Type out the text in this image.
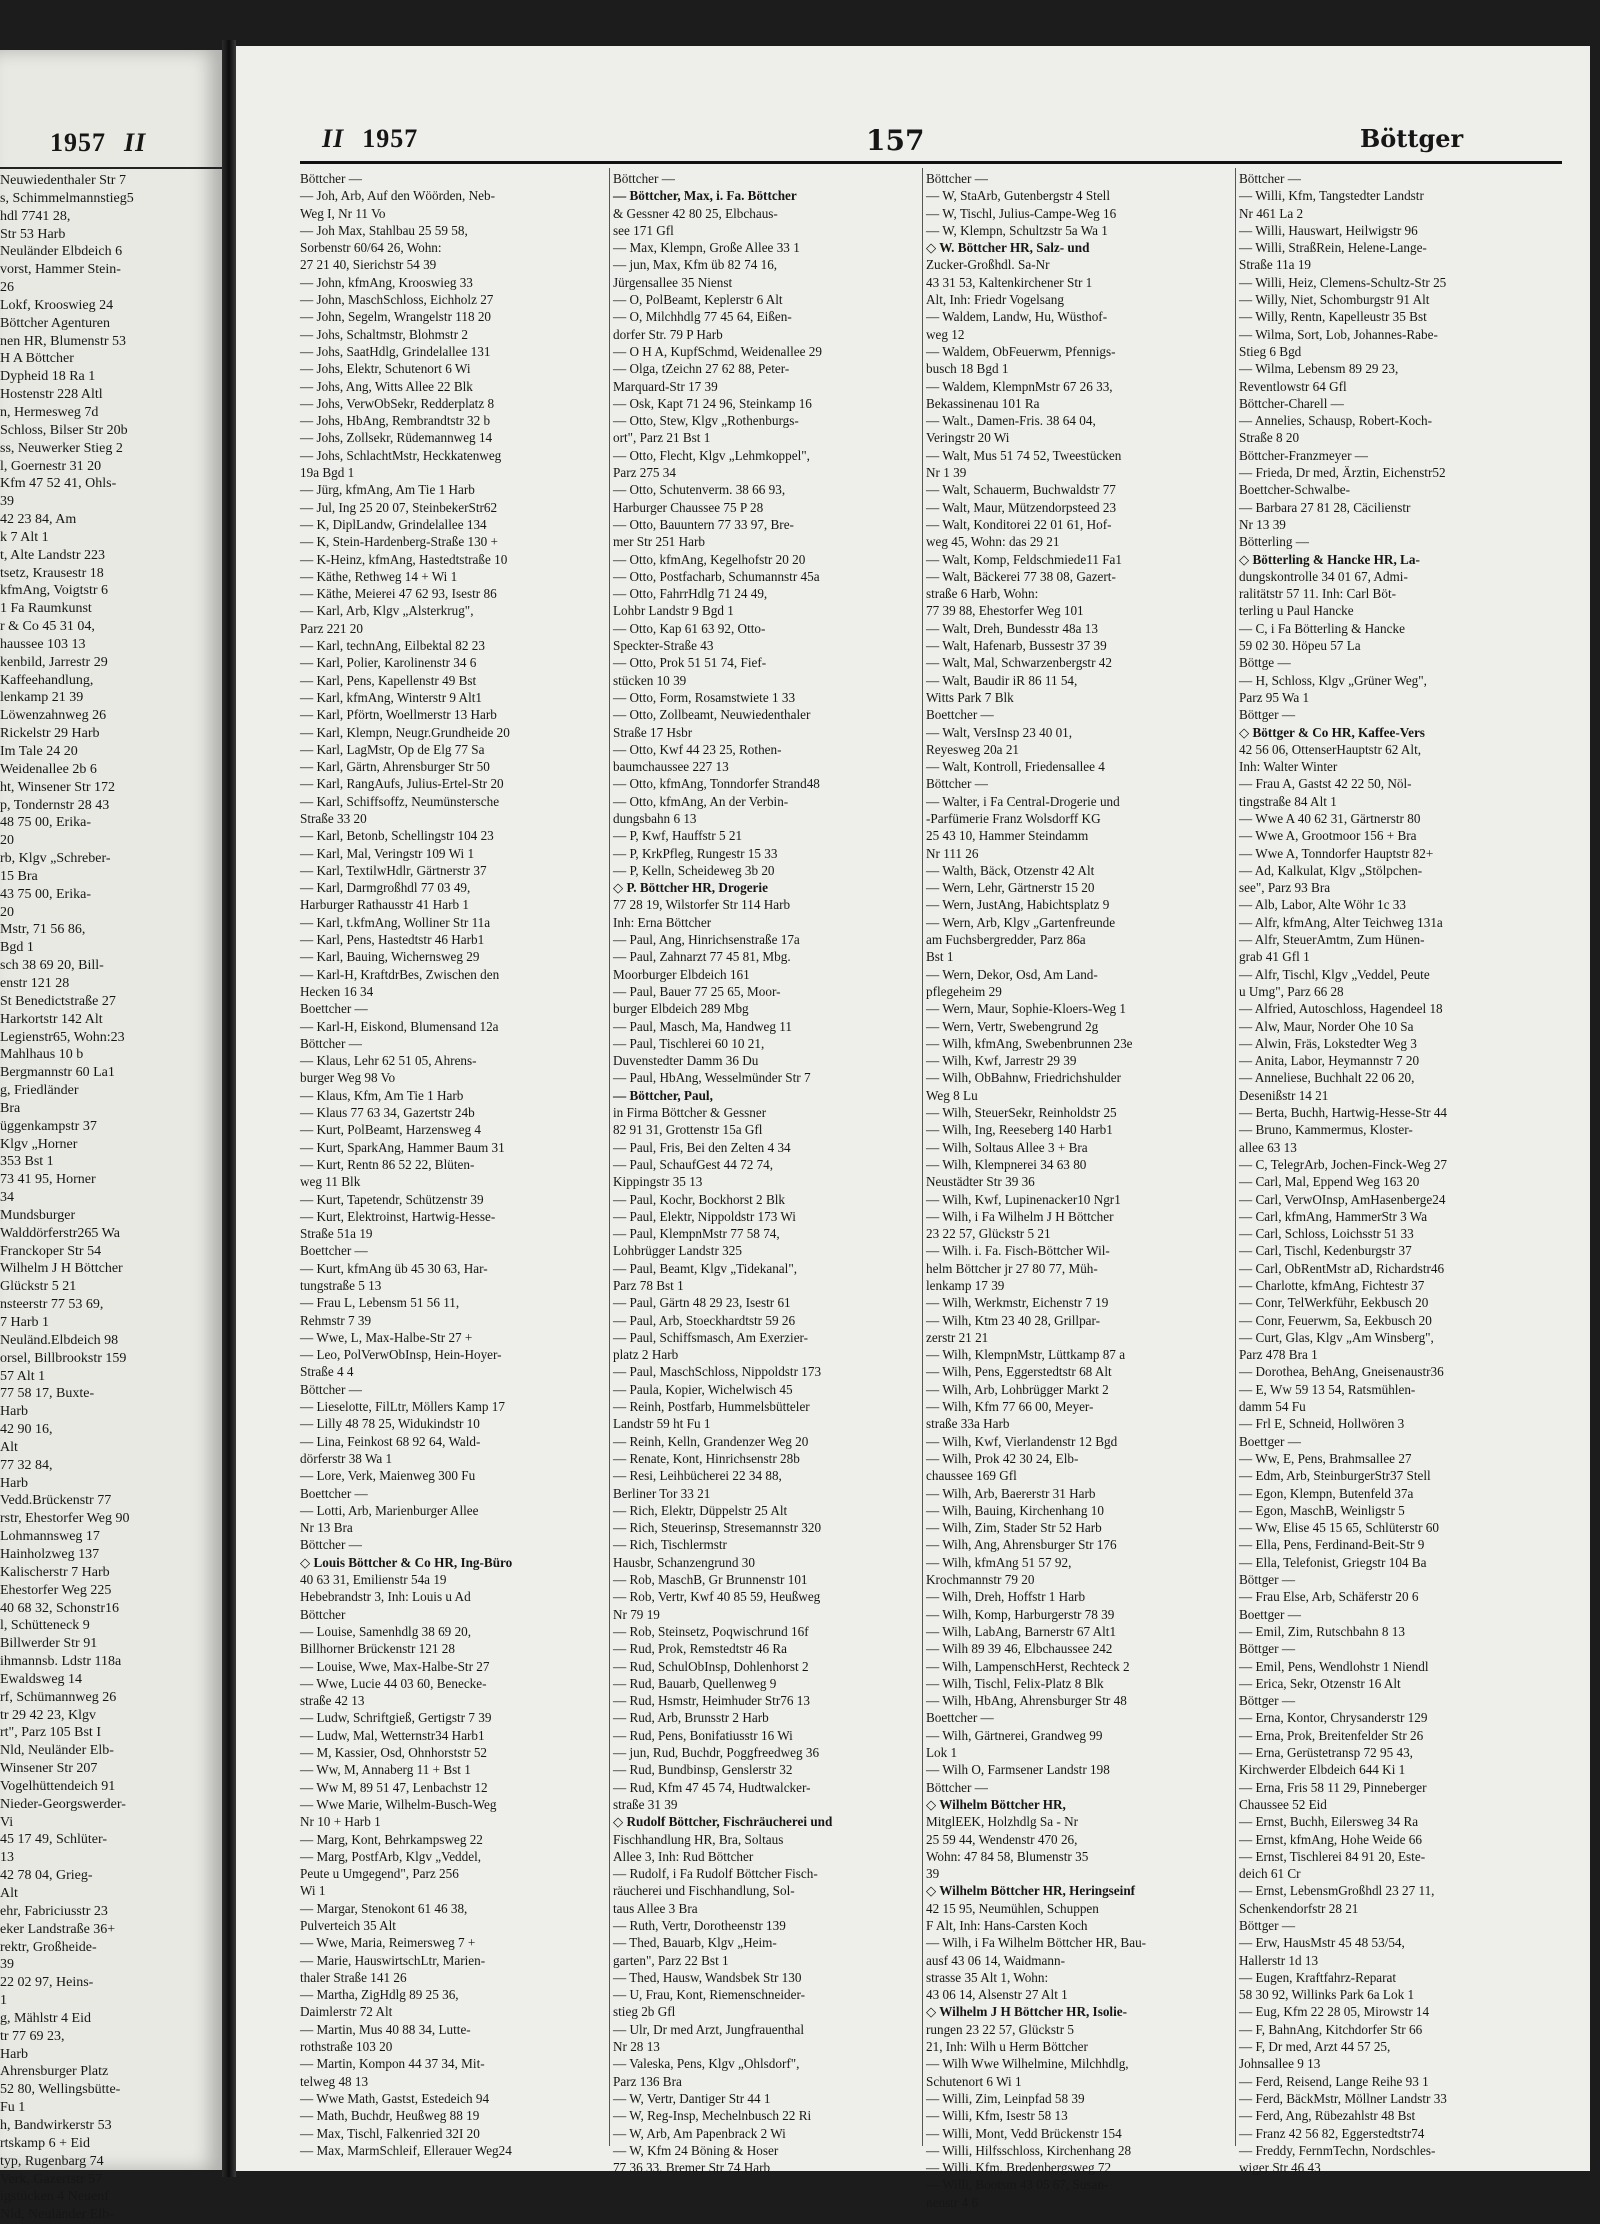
1957 II
Neuwiedenthaler Str 7
s, Schimmelmannstieg5
hdl 7741 28,
Str 53 Harb
Neuländer Elbdeich 6
vorst, Hammer Stein-
26
Lokf, Krooswieg 24
Böttcher Agenturen
nen HR, Blumenstr 53
H A Böttcher
Dypheid 18 Ra 1
Hostenstr 228 Altl
n, Hermesweg 7d
Schloss, Bilser Str 20b
ss, Neuwerker Stieg 2
l, Goernestr 31 20
Kfm 47 52 41, Ohls-
39
42 23 84, Am
k 7 Alt 1
t, Alte Landstr 223
tsetz, Krausestr 18
kfmAng, Voigtstr 6
1 Fa Raumkunst
r & Co 45 31 04,
haussee 103 13
kenbild, Jarrestr 29
Kaffeehandlung,
lenkamp 21 39
Löwenzahnweg 26
Rickelstr 29 Harb
Im Tale 24 20
Weidenallee 2b 6
ht, Winsener Str 172
p, Tondernstr 28 43
48 75 00, Erika-
20
rb, Klgv „Schreber-
15 Bra
43 75 00, Erika-
20
Mstr, 71 56 86,
Bgd 1
sch 38 69 20, Bill-
enstr 121 28
St Benedictstraße 27
Harkortstr 142 Alt
Legienstr65, Wohn:23
Mahlhaus 10 b
Bergmannstr 60 La1
g, Friedländer
Bra
üggenkampstr 37
Klgv „Horner
353 Bst 1
73 41 95, Horner
34
Mundsburger
Walddörferstr265 Wa
Franckoper Str 54
Wilhelm J H Böttcher
Glückstr 5 21
nsteerstr 77 53 69,
7 Harb 1
Neuländ.Elbdeich 98
orsel, Billbrookstr 159
57 Alt 1
77 58 17, Buxte-
Harb
42 90 16,
Alt
77 32 84,
Harb
Vedd.Brückenstr 77
rstr, Ehestorfer Weg 90
Lohmannsweg 17
Hainholzweg 137
Kalischerstr 7 Harb
Ehestorfer Weg 225
40 68 32, Schonstr16
l, Schütteneck 9
Billwerder Str 91
ihmannsb. Ldstr 118a
Ewaldsweg 14
rf, Schümannweg 26
tr 29 42 23, Klgv
rt", Parz 105 Bst I
Nld, Neuländer Elb-
Winsener Str 207
Vogelhüttendeich 91
Nieder-Georgswerder-
Vi
45 17 49, Schlüter-
13
42 78 04, Grieg-
Alt
ehr, Fabriciusstr 23
eker Landstraße 36+
rektr, Großheide-
39
22 02 97, Heins-
1
g, Mählstr 4 Eid
tr 77 69 23,
Harb
Ahrensburger Platz
52 80, Wellingsbütte-
Fu 1
h, Bandwirkerstr 53
rtskamp 6 + Eid
typ, Rugenbarg 74
Verk, Gazertstr 57
igstücken 4 Neuenf
Nld, Neuländer Elb-
II 1957	157	Böttger
Böttcher —
— Joh, Arb, Auf den Wöörden, Neb-
Weg I, Nr 11 Vo
— Joh Max, Stahlbau 25 59 58,
Sorbenstr 60/64 26, Wohn:
27 21 40, Sierichstr 54 39
— John, kfmAng, Krooswieg 33
— John, MaschSchloss, Eichholz 27
— John, Segelm, Wrangelstr 118 20
— Johs, Schaltmstr, Blohmstr 2
— Johs, SaatHdlg, Grindelallee 131
— Johs, Elektr, Schutenort 6 Wi
— Johs, Ang, Witts Allee 22 Blk
— Johs, VerwObSekr, Redderplatz 8
— Johs, HbAng, Rembrandtstr 32 b
— Johs, Zollsekr, Rüdemannweg 14
— Johs, SchlachtMstr, Heckkatenweg
19a Bgd 1
— Jürg, kfmAng, Am Tie 1 Harb
— Jul, Ing 25 20 07, SteinbekerStr62
— K, DiplLandw, Grindelallee 134
— K, Stein-Hardenberg-Straße 130 +
— K-Heinz, kfmAng, Hastedtstraße 10
— Käthe, Rethweg 14 + Wi 1
— Käthe, Meierei 47 62 93, Isestr 86
— Karl, Arb, Klgv „Alsterkrug",
Parz 221 20
— Karl, technAng, Eilbektal 82 23
— Karl, Polier, Karolinenstr 34 6
— Karl, Pens, Kapellenstr 49 Bst
— Karl, kfmAng, Winterstr 9 Alt1
— Karl, Pförtn, Woellmerstr 13 Harb
— Karl, Klempn, Neugr.Grundheide 20
— Karl, LagMstr, Op de Elg 77 Sa
— Karl, Gärtn, Ahrensburger Str 50
— Karl, RangAufs, Julius-Ertel-Str 20
— Karl, Schiffsoffz, Neumünstersche
Straße 33 20
— Karl, Betonb, Schellingstr 104 23
— Karl, Mal, Veringstr 109 Wi 1
— Karl, TextilwHdlr, Gärtnerstr 37
— Karl, Darmgroßhdl 77 03 49,
Harburger Rathausstr 41 Harb 1
— Karl, t.kfmAng, Wolliner Str 11a
— Karl, Pens, Hastedtstr 46 Harb1
— Karl, Bauing, Wichernsweg 29
— Karl-H, KraftdrBes, Zwischen den
Hecken 16 34
Boettcher —
— Karl-H, Eiskond, Blumensand 12a
Böttcher —
— Klaus, Lehr 62 51 05, Ahrens-
burger Weg 98 Vo
— Klaus, Kfm, Am Tie 1 Harb
— Klaus 77 63 34, Gazertstr 24b
— Kurt, PolBeamt, Harzensweg 4
— Kurt, SparkAng, Hammer Baum 31
— Kurt, Rentn 86 52 22, Blüten-
weg 11 Blk
— Kurt, Tapetendr, Schützenstr 39
— Kurt, Elektroinst, Hartwig-Hesse-
Straße 51a 19
Boettcher —
— Kurt, kfmAng üb 45 30 63, Har-
tungstraße 5 13
— Frau L, Lebensm 51 56 11,
Rehmstr 7 39
— Wwe, L, Max-Halbe-Str 27 +
— Leo, PolVerwObInsp, Hein-Hoyer-
Straße 4 4
Böttcher —
— Lieselotte, FilLtr, Möllers Kamp 17
— Lilly 48 78 25, Widukindstr 10
— Lina, Feinkost 68 92 64, Wald-
dörferstr 38 Wa 1
— Lore, Verk, Maienweg 300 Fu
Boettcher —
— Lotti, Arb, Marienburger Allee
Nr 13 Bra
Böttcher —
◇ Louis Böttcher & Co HR, Ing-Büro
40 63 31, Emilienstr 54a 19
Hebebrandstr 3, Inh: Louis u Ad
Böttcher
— Louise, Samenhdlg 38 69 20,
Billhorner Brückenstr 121 28
— Louise, Wwe, Max-Halbe-Str 27
— Wwe, Lucie 44 03 60, Benecke-
straße 42 13
— Ludw, Schriftgieß, Gertigstr 7 39
— Ludw, Mal, Wetternstr34 Harb1
— M, Kassier, Osd, Ohnhorststr 52
— Ww, M, Annaberg 11 + Bst 1
— Ww M, 89 51 47, Lenbachstr 12
— Wwe Marie, Wilhelm-Busch-Weg
Nr 10 + Harb 1
— Marg, Kont, Behrkampsweg 22
— Marg, PostfArb, Klgv „Veddel,
Peute u Umgegend", Parz 256
Wi 1
— Margar, Stenokont 61 46 38,
Pulverteich 35 Alt
— Wwe, Maria, Reimersweg 7 +
— Marie, HauswirtschLtr, Marien-
thaler Straße 141 26
— Martha, ZigHdlg 89 25 36,
Daimlerstr 72 Alt
— Martin, Mus 40 88 34, Lutte-
rothstraße 103 20
— Martin, Kompon 44 37 34, Mit-
telweg 48 13
— Wwe Math, Gastst, Estedeich 94
— Math, Buchdr, Heußweg 88 19
— Max, Tischl, Falkenried 32I 20
— Max, MarmSchleif, Ellerauer Weg24
Böttcher —
— Böttcher, Max, i. Fa. Böttcher
& Gessner 42 80 25, Elbchaus-
see 171 Gfl
— Max, Klempn, Große Allee 33 1
— jun, Max, Kfm üb 82 74 16,
Jürgensallee 35 Nienst
— O, PolBeamt, Keplerstr 6 Alt
— O, Milchhdlg 77 45 64, Eißen-
dorfer Str. 79 P Harb
— O H A, KupfSchmd, Weidenallee 29
— Olga, tZeichn 27 62 88, Peter-
Marquard-Str 17 39
— Osk, Kapt 71 24 96, Steinkamp 16
— Otto, Stew, Klgv „Rothenburgs-
ort", Parz 21 Bst 1
— Otto, Flecht, Klgv „Lehmkoppel",
Parz 275 34
— Otto, Schutenverm. 38 66 93,
Harburger Chaussee 75 P 28
— Otto, Bauuntern 77 33 97, Bre-
mer Str 251 Harb
— Otto, kfmAng, Kegelhofstr 20 20
— Otto, Postfacharb, Schumannstr 45a
— Otto, FahrrHdlg 71 24 49,
Lohbr Landstr 9 Bgd 1
— Otto, Kap 61 63 92, Otto-
Speckter-Straße 43
— Otto, Prok 51 51 74, Fief-
stücken 10 39
— Otto, Form, Rosamstwiete 1 33
— Otto, Zollbeamt, Neuwiedenthaler
Straße 17 Hsbr
— Otto, Kwf 44 23 25, Rothen-
baumchaussee 227 13
— Otto, kfmAng, Tonndorfer Strand48
— Otto, kfmAng, An der Verbin-
dungsbahn 6 13
— P, Kwf, Hauffstr 5 21
— P, KrkPfleg, Rungestr 15 33
— P, Kelln, Scheideweg 3b 20
◇ P. Böttcher HR, Drogerie
77 28 19, Wilstorfer Str 114 Harb
Inh: Erna Böttcher
— Paul, Ang, Hinrichsenstraße 17a
— Paul, Zahnarzt 77 45 81, Mbg.
Moorburger Elbdeich 161
— Paul, Bauer 77 25 65, Moor-
burger Elbdeich 289 Mbg
— Paul, Masch, Ma, Handweg 11
— Paul, Tischlerei 60 10 21,
Duvenstedter Damm 36 Du
— Paul, HbAng, Wesselmünder Str 7
— Böttcher, Paul,
in Firma Böttcher & Gessner
82 91 31, Grottenstr 15a Gfl
— Paul, Fris, Bei den Zelten 4 34
— Paul, SchaufGest 44 72 74,
Kippingstr 35 13
— Paul, Kochr, Bockhorst 2 Blk
— Paul, Elektr, Nippoldstr 173 Wi
— Paul, KlempnMstr 77 58 74,
Lohbrügger Landstr 325
— Paul, Beamt, Klgv „Tidekanal",
Parz 78 Bst 1
— Paul, Gärtn 48 29 23, Isestr 61
— Paul, Arb, Stoeckhardtstr 59 26
— Paul, Schiffsmasch, Am Exerzier-
platz 2 Harb
— Paul, MaschSchloss, Nippoldstr 173
— Paula, Kopier, Wichelwisch 45
— Reinh, Postfarb, Hummelsbütteler
Landstr 59 ht Fu 1
— Reinh, Kelln, Grandenzer Weg 20
— Renate, Kont, Hinrichsenstr 28b
— Resi, Leihbücherei 22 34 88,
Berliner Tor 33 21
— Rich, Elektr, Düppelstr 25 Alt
— Rich, Steuerinsp, Stresemannstr 320
— Rich, Tischlermstr
Hausbr, Schanzengrund 30
— Rob, MaschB, Gr Brunnenstr 101
— Rob, Vertr, Kwf 40 85 59, Heußweg
Nr 79 19
— Rob, Steinsetz, Poqwischrund 16f
— Rud, Prok, Remstedtstr 46 Ra
— Rud, SchulObInsp, Dohlenhorst 2
— Rud, Bauarb, Quellenweg 9
— Rud, Hsmstr, Heimhuder Str76 13
— Rud, Arb, Brunsstr 2 Harb
— Rud, Pens, Bonifatiusstr 16 Wi
— jun, Rud, Buchdr, Poggfreedweg 36
— Rud, Bundbinsp, Genslerstr 32
— Rud, Kfm 47 45 74, Hudtwalcker-
straße 31 39
◇ Rudolf Böttcher, Fischräucherei und
Fischhandlung HR, Bra, Soltaus
Allee 3, Inh: Rud Böttcher
— Rudolf, i Fa Rudolf Böttcher Fisch-
räucherei und Fischhandlung, Sol-
taus Allee 3 Bra
— Ruth, Vertr, Dorotheenstr 139
— Thed, Bauarb, Klgv „Heim-
garten", Parz 22 Bst 1
— Thed, Hausw, Wandsbek Str 130
— U, Frau, Kont, Riemenschneider-
stieg 2b Gfl
— Ulr, Dr med Arzt, Jungfrauenthal
Nr 28 13
— Valeska, Pens, Klgv „Ohlsdorf",
Parz 136 Bra
— W, Vertr, Dantiger Str 44 1
— W, Reg-Insp, Mechelnbusch 22 Ri
— W, Arb, Am Papenbrack 2 Wi
— W, Kfm 24 Böning & Hoser
77 36 33, Bremer Str 74 Harb
Böttcher —
— W, StaArb, Gutenbergstr 4 Stell
— W, Tischl, Julius-Campe-Weg 16
— W, Klempn, Schultzstr 5a Wa 1
◇ W. Böttcher HR, Salz- und
Zucker-Großhdl. Sa-Nr
43 31 53, Kaltenkirchener Str 1
Alt, Inh: Friedr Vogelsang
— Waldem, Landw, Hu, Wüsthof-
weg 12
— Waldem, ObFeuerwm, Pfennigs-
busch 18 Bgd 1
— Waldem, KlempnMstr 67 26 33,
Bekassinenau 101 Ra
— Walt., Damen-Fris. 38 64 04,
Veringstr 20 Wi
— Walt, Mus 51 74 52, Tweestücken
Nr 1 39
— Walt, Schauerm, Buchwaldstr 77
— Walt, Maur, Mützendorpsteed 23
— Walt, Konditorei 22 01 61, Hof-
weg 45, Wohn: das 29 21
— Walt, Komp, Feldschmiede11 Fa1
— Walt, Bäckerei 77 38 08, Gazert-
straße 6 Harb, Wohn:
77 39 88, Ehestorfer Weg 101
— Walt, Dreh, Bundesstr 48a 13
— Walt, Hafenarb, Bussestr 37 39
— Walt, Mal, Schwarzenbergstr 42
— Walt, Baudir iR 86 11 54,
Witts Park 7 Blk
Boettcher —
— Walt, VersInsp 23 40 01,
Reyesweg 20a 21
— Walt, Kontroll, Friedensallee 4
Böttcher —
— Walter, i Fa Central-Drogerie und
-Parfümerie Franz Wolsdorff KG
25 43 10, Hammer Steindamm
Nr 111 26
— Walth, Bäck, Otzenstr 42 Alt
— Wern, Lehr, Gärtnerstr 15 20
— Wern, JustAng, Habichtsplatz 9
— Wern, Arb, Klgv „Gartenfreunde
am Fuchsbergredder, Parz 86a
Bst 1
— Wern, Dekor, Osd, Am Land-
pflegeheim 29
— Wern, Maur, Sophie-Kloers-Weg 1
— Wern, Vertr, Swebengrund 2g
— Wilh, kfmAng, Swebenbrunnen 23e
— Wilh, Kwf, Jarrestr 29 39
— Wilh, ObBahnw, Friedrichshulder
Weg 8 Lu
— Wilh, SteuerSekr, Reinholdstr 25
— Wilh, Ing, Reeseberg 140 Harb1
— Wilh, Soltaus Allee 3 + Bra
— Wilh, Klempnerei 34 63 80
Neustädter Str 39 36
— Wilh, Kwf, Lupinenacker10 Ngr1
— Wilh, i Fa Wilhelm J H Böttcher
23 22 57, Glückstr 5 21
— Wilh. i. Fa. Fisch-Böttcher Wil-
helm Böttcher jr 27 80 77, Müh-
lenkamp 17 39
— Wilh, Werkmstr, Eichenstr 7 19
— Wilh, Ktm 23 40 28, Grillpar-
zerstr 21 21
— Wilh, KlempnMstr, Lüttkamp 87 a
— Wilh, Pens, Eggerstedtstr 68 Alt
— Wilh, Arb, Lohbrügger Markt 2
— Wilh, Kfm 77 66 00, Meyer-
straße 33a Harb
— Wilh, Kwf, Vierlandenstr 12 Bgd
— Wilh, Prok 42 30 24, Elb-
chaussee 169 Gfl
— Wilh, Arb, Baererstr 31 Harb
— Wilh, Bauing, Kirchenhang 10
— Wilh, Zim, Stader Str 52 Harb
— Wilh, Ang, Ahrensburger Str 176
— Wilh, kfmAng 51 57 92,
Krochmannstr 79 20
— Wilh, Dreh, Hoffstr 1 Harb
— Wilh, Komp, Harburgerstr 78 39
— Wilh, LabAng, Barnerstr 67 Alt1
— Wilh 89 39 46, Elbchaussee 242
— Wilh, LampenschHerst, Rechteck 2
— Wilh, Tischl, Felix-Platz 8 Blk
— Wilh, HbAng, Ahrensburger Str 48
Boettcher —
— Wilh, Gärtnerei, Grandweg 99
Lok 1
— Wilh O, Farmsener Landstr 198
Böttcher —
◇ Wilhelm Böttcher HR,
MitglEEK, Holzhdlg Sa - Nr
25 59 44, Wendenstr 470 26,
Wohn: 47 84 58, Blumenstr 35
39
◇ Wilhelm Böttcher HR, Heringseinf
42 15 95, Neumühlen, Schuppen
F Alt, Inh: Hans-Carsten Koch
— Wilh, i Fa Wilhelm Böttcher HR, Bau-
ausf 43 06 14, Waidmann-
strasse 35 Alt 1, Wohn:
43 06 14, Alsenstr 27 Alt 1
◇ Wilhelm J H Böttcher HR, Isolie-
rungen 23 22 57, Glückstr 5
21, Inh: Wilh u Herm Böttcher
— Wilh Wwe Wilhelmine, Milchhdlg,
Schutenort 6 Wi 1
— Willi, Zim, Leinpfad 58 39
— Willi, Kfm, Isestr 58 13
— Willi, Mont, Vedd Brückenstr 154
— Willi, Hilfsschloss, Kirchenhang 28
— Willi, Kfm, Bredenbergsweg 72
— Willi, Bootsm 43 05 67, Susan-
nenstr 4 6
Böttcher —
— Willi, Kfm, Tangstedter Landstr
Nr 461 La 2
— Willi, Hauswart, Heilwigstr 96
— Willi, StraßRein, Helene-Lange-
Straße 11a 19
— Willi, Heiz, Clemens-Schultz-Str 25
— Willy, Niet, Schomburgstr 91 Alt
— Willy, Rentn, Kapelleustr 35 Bst
— Wilma, Sort, Lob, Johannes-Rabe-
Stieg 6 Bgd
— Wilma, Lebensm 89 29 23,
Reventlowstr 64 Gfl
Böttcher-Charell —
— Annelies, Schausp, Robert-Koch-
Straße 8 20
Böttcher-Franzmeyer —
— Frieda, Dr med, Ärztin, Eichenstr52
Boettcher-Schwalbe-
— Barbara 27 81 28, Cäcilienstr
Nr 13 39
Bötterling —
◇ Bötterling & Hancke HR, La-
dungskontrolle 34 01 67, Admi-
ralitätstr 57 11. Inh: Carl Böt-
terling u Paul Hancke
— C, i Fa Bötterling & Hancke
59 02 30. Höpeu 57 La
Böttge —
— H, Schloss, Klgv „Grüner Weg",
Parz 95 Wa 1
Böttger —
◇ Böttger & Co HR, Kaffee-Vers
42 56 06, OttenserHauptstr 62 Alt,
Inh: Walter Winter
— Frau A, Gastst 42 22 50, Nöl-
tingstraße 84 Alt 1
— Wwe A 40 62 31, Gärtnerstr 80
— Wwe A, Grootmoor 156 + Bra
— Wwe A, Tonndorfer Hauptstr 82+
— Ad, Kalkulat, Klgv „Stölpchen-
see", Parz 93 Bra
— Alb, Labor, Alte Wöhr 1c 33
— Alfr, kfmAng, Alter Teichweg 131a
— Alfr, SteuerAmtm, Zum Hünen-
grab 41 Gfl 1
— Alfr, Tischl, Klgv „Veddel, Peute
u Umg", Parz 66 28
— Alfried, Autoschloss, Hagendeel 18
— Alw, Maur, Norder Ohe 10 Sa
— Alwin, Fräs, Lokstedter Weg 3
— Anita, Labor, Heymannstr 7 20
— Anneliese, Buchhalt 22 06 20,
Desenißstr 14 21
— Berta, Buchh, Hartwig-Hesse-Str 44
— Bruno, Kammermus, Kloster-
allee 63 13
— C, TelegrArb, Jochen-Finck-Weg 27
— Carl, Mal, Eppend Weg 163 20
— Carl, VerwOInsp, AmHasenberge24
— Carl, kfmAng, HammerStr 3 Wa
— Carl, Schloss, Loichsstr 51 33
— Carl, Tischl, Kedenburgstr 37
— Carl, ObRentMstr aD, Richardstr46
— Charlotte, kfmAng, Fichtestr 37
— Conr, TelWerkführ, Eekbusch 20
— Conr, Feuerwm, Sa, Eekbusch 20
— Curt, Glas, Klgv „Am Winsberg",
Parz 478 Bra 1
— Dorothea, BehAng, Gneisenaustr36
— E, Ww 59 13 54, Ratsmühlen-
damm 54 Fu
— Frl E, Schneid, Hollwören 3
Boettger —
— Ww, E, Pens, Brahmsallee 27
— Edm, Arb, SteinburgerStr37 Stell
— Egon, Klempn, Butenfeld 37a
— Egon, MaschB, Weinligstr 5
— Ww, Elise 45 15 65, Schlüterstr 60
— Ella, Pens, Ferdinand-Beit-Str 9
— Ella, Telefonist, Griegstr 104 Ba
Böttger —
— Frau Else, Arb, Schäferstr 20 6
Boettger —
— Emil, Zim, Rutschbahn 8 13
Böttger —
— Emil, Pens, Wendlohstr 1 Niendl
— Erica, Sekr, Otzenstr 16 Alt
Böttger —
— Erna, Kontor, Chrysanderstr 129
— Erna, Prok, Breitenfelder Str 26
— Erna, Gerüstetransp 72 95 43,
Kirchwerder Elbdeich 644 Ki 1
— Erna, Fris 58 11 29, Pinneberger
Chaussee 52 Eid
— Ernst, Buchh, Eilersweg 34 Ra
— Ernst, kfmAng, Hohe Weide 66
— Ernst, Tischlerei 84 91 20, Este-
deich 61 Cr
— Ernst, LebensmGroßhdl 23 27 11,
Schenkendorfstr 28 21
Böttger —
— Erw, HausMstr 45 48 53/54,
Hallerstr 1d 13
— Eugen, Kraftfahrz-Reparat
58 30 92, Willinks Park 6a Lok 1
— Eug, Kfm 22 28 05, Mirowstr 14
— F, BahnAng, Kitchdorfer Str 66
— F, Dr med, Arzt 44 57 25,
Johnsallee 9 13
— Ferd, Reisend, Lange Reihe 93 1
— Ferd, BäckMstr, Möllner Landstr 33
— Ferd, Ang, Rübezahlstr 48 Bst
— Franz 42 56 82, Eggerstedtstr74
— Freddy, FernmTechn, Nordschles-
wiger Str 46 43
